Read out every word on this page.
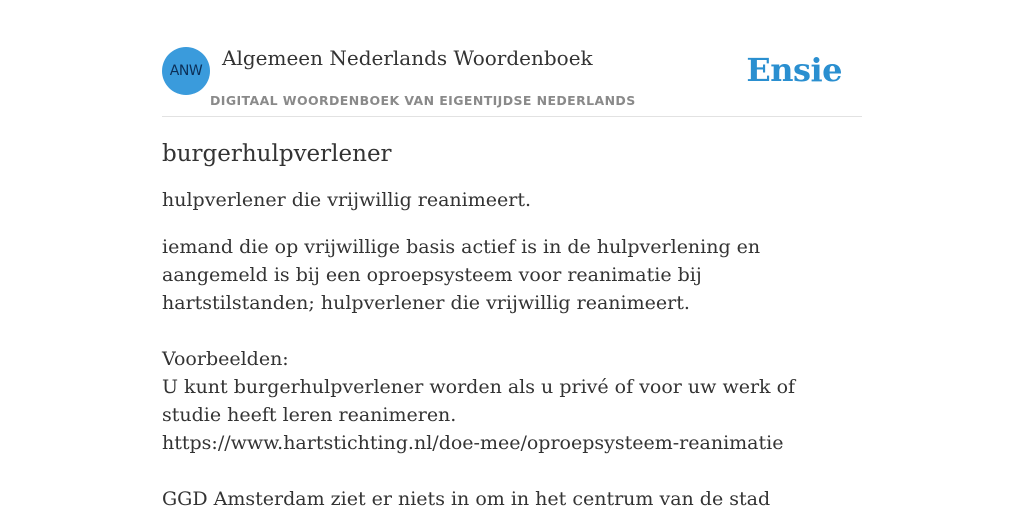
ANW
Algemeen Nederlands Woordenboek
DIGITAAL WOORDENBOEK VAN EIGENTIJDSE NEDERLANDS
Ensie
burgerhulpverlener

hulpverlener die vrijwillig reanimeert.

iemand die op vrijwillige basis actief is in de hulpverlening en aangemeld is bij een oproepsysteem voor reanimatie bij hartstilstanden; hulpverlener die vrijwillig reanimeert.

Voorbeelden:
U kunt burgerhulpverlener worden als u privé of voor uw werk of studie heeft leren reanimeren.
https://www.hartstichting.nl/doe-mee/oproepsysteem-reanimatie
GGD Amsterdam ziet er niets in om in het centrum van de stad
